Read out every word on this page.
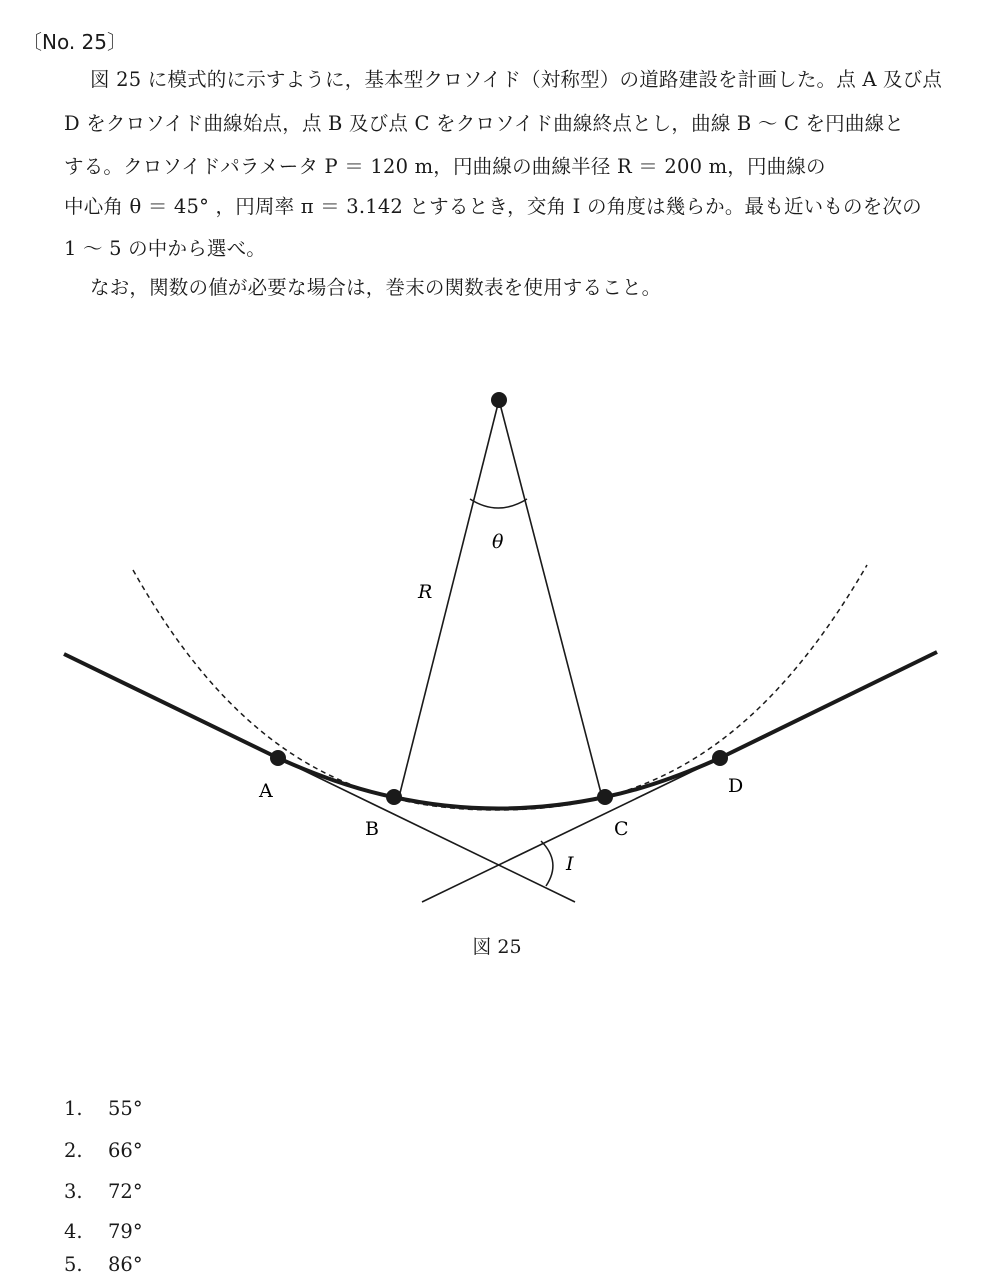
〔No. 25〕
図 25 に模式的に示すように，基本型クロソイド（対称型）の道路建設を計画した。点 A 及び点
D をクロソイド曲線始点，点 B 及び点 C をクロソイド曲線終点とし，曲線 B ～ C を円曲線と
する。クロソイドパラメータ P ＝ 120 m，円曲線の曲線半径 R ＝ 200 m，円曲線の
中心角 θ ＝ 45° ，円周率 π ＝ 3.142 とするとき，交角 I の角度は幾らか。最も近いものを次の
1 ～ 5 の中から選べ。
なお，関数の値が必要な場合は，巻末の関数表を使用すること。
A
B	C
D
R
θ
I
図 25
1. 55°
2. 66°
3. 72°
4. 79°
5. 86°
